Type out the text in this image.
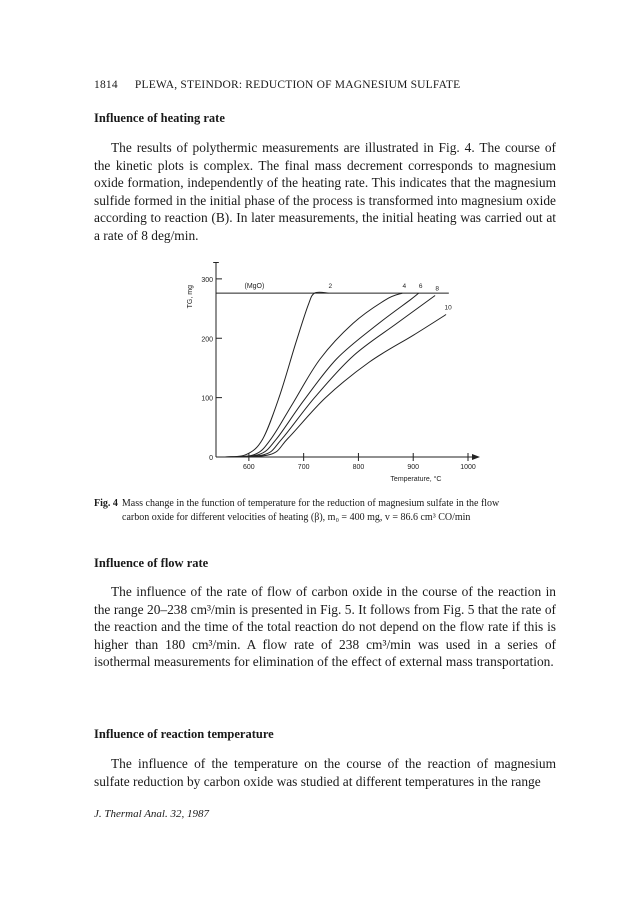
1814 PLEWA, STEINDOR: REDUCTION OF MAGNESIUM SULFATE
Influence of heating rate

The results of polythermic measurements are illustrated in Fig. 4. The course of the kinetic plots is complex. The final mass decrement corresponds to magnesium oxide formation, independently of the heating rate. This indicates that the magnesium sulfide formed in the initial phase of the process is transformed into magnesium oxide according to reaction (B). In later measurements, the initial heating was carried out at a rate of 8 deg/min.

0
100
200
300
600	700	800	900	1000
Temperature, °C
TG, mg	(MgO)	2	4 6 8
10

Fig. 4 Mass change in the function of temperature for the reduction of magnesium sulfate in the flow
carbon oxide for different velocities of heating (β), m₀ = 400 mg, v = 86.6 cm³ CO/min

Influence of flow rate

The influence of the rate of flow of carbon oxide in the course of the reaction in the range 20–238 cm³/min is presented in Fig. 5. It follows from Fig. 5 that the rate of the reaction and the time of the total reaction do not depend on the flow rate if this is higher than 180 cm³/min. A flow rate of 238 cm³/min was used in a series of isothermal measurements for elimination of the effect of external mass transportation.

Influence of reaction temperature

The influence of the temperature on the course of the reaction of magnesium sulfate reduction by carbon oxide was studied at different temperatures in the range

J. Thermal Anal. 32, 1987
